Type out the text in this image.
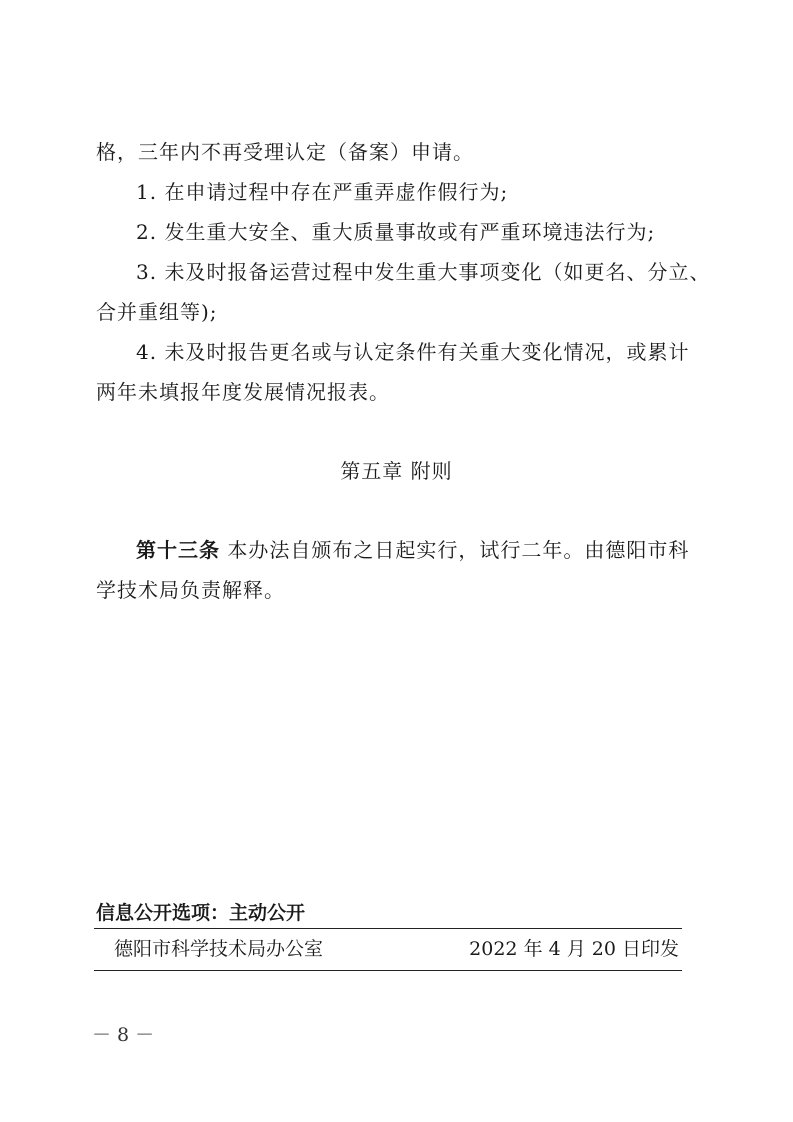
格，三年内不再受理认定（备案）申请。
1. 在申请过程中存在严重弄虚作假行为;
2. 发生重大安全、重大质量事故或有严重环境违法行为;
3. 未及时报备运营过程中发生重大事项变化（如更名、分立、
合并重组等);
4. 未及时报告更名或与认定条件有关重大变化情况，或累计
两年未填报年度发展情况报表。
第五章 附则
第十三条 本办法自颁布之日起实行，试行二年。由德阳市科
学技术局负责解释。
信息公开选项：主动公开
德阳市科学技术局办公室	2022 年 4 月 20 日印发
－ 8 －
